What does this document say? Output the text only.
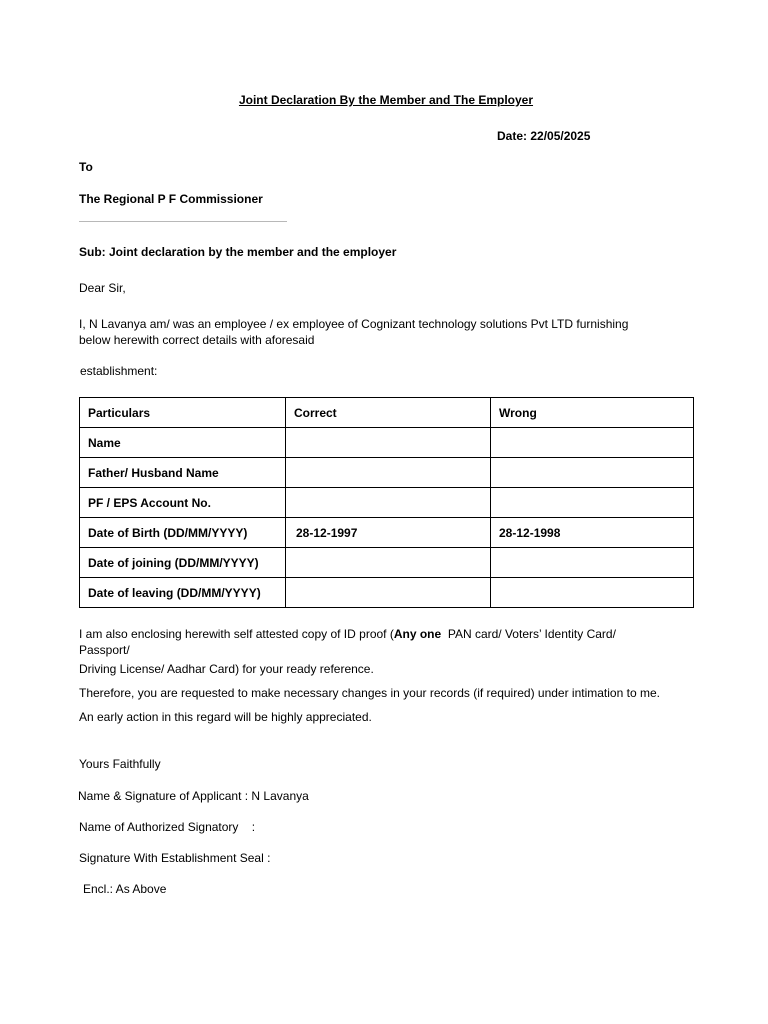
Joint Declaration By the Member and The Employer
Date: 22/05/2025
To
The Regional P F Commissioner
Sub: Joint declaration by the member and the employer
Dear Sir,
I, N Lavanya am/ was an employee / ex employee of Cognizant technology solutions Pvt LTD furnishing
below herewith correct details with aforesaid
establishment:
Particulars	Correct	Wrong
Name		
Father/ Husband Name		
PF / EPS Account No.		
Date of Birth (DD/MM/YYYY)	28-12-1997	28-12-1998
Date of joining (DD/MM/YYYY)		
Date of leaving (DD/MM/YYYY)		
I am also enclosing herewith self attested copy of ID proof (Any one  PAN card/ Voters’ Identity Card/
Passport/
Driving License/ Aadhar Card) for your ready reference.
Therefore, you are requested to make necessary changes in your records (if required) under intimation to me.
An early action in this regard will be highly appreciated.
Yours Faithfully
Name & Signature of Applicant : N Lavanya
Name of Authorized Signatory    :
Signature With Establishment Seal :
Encl.: As Above
